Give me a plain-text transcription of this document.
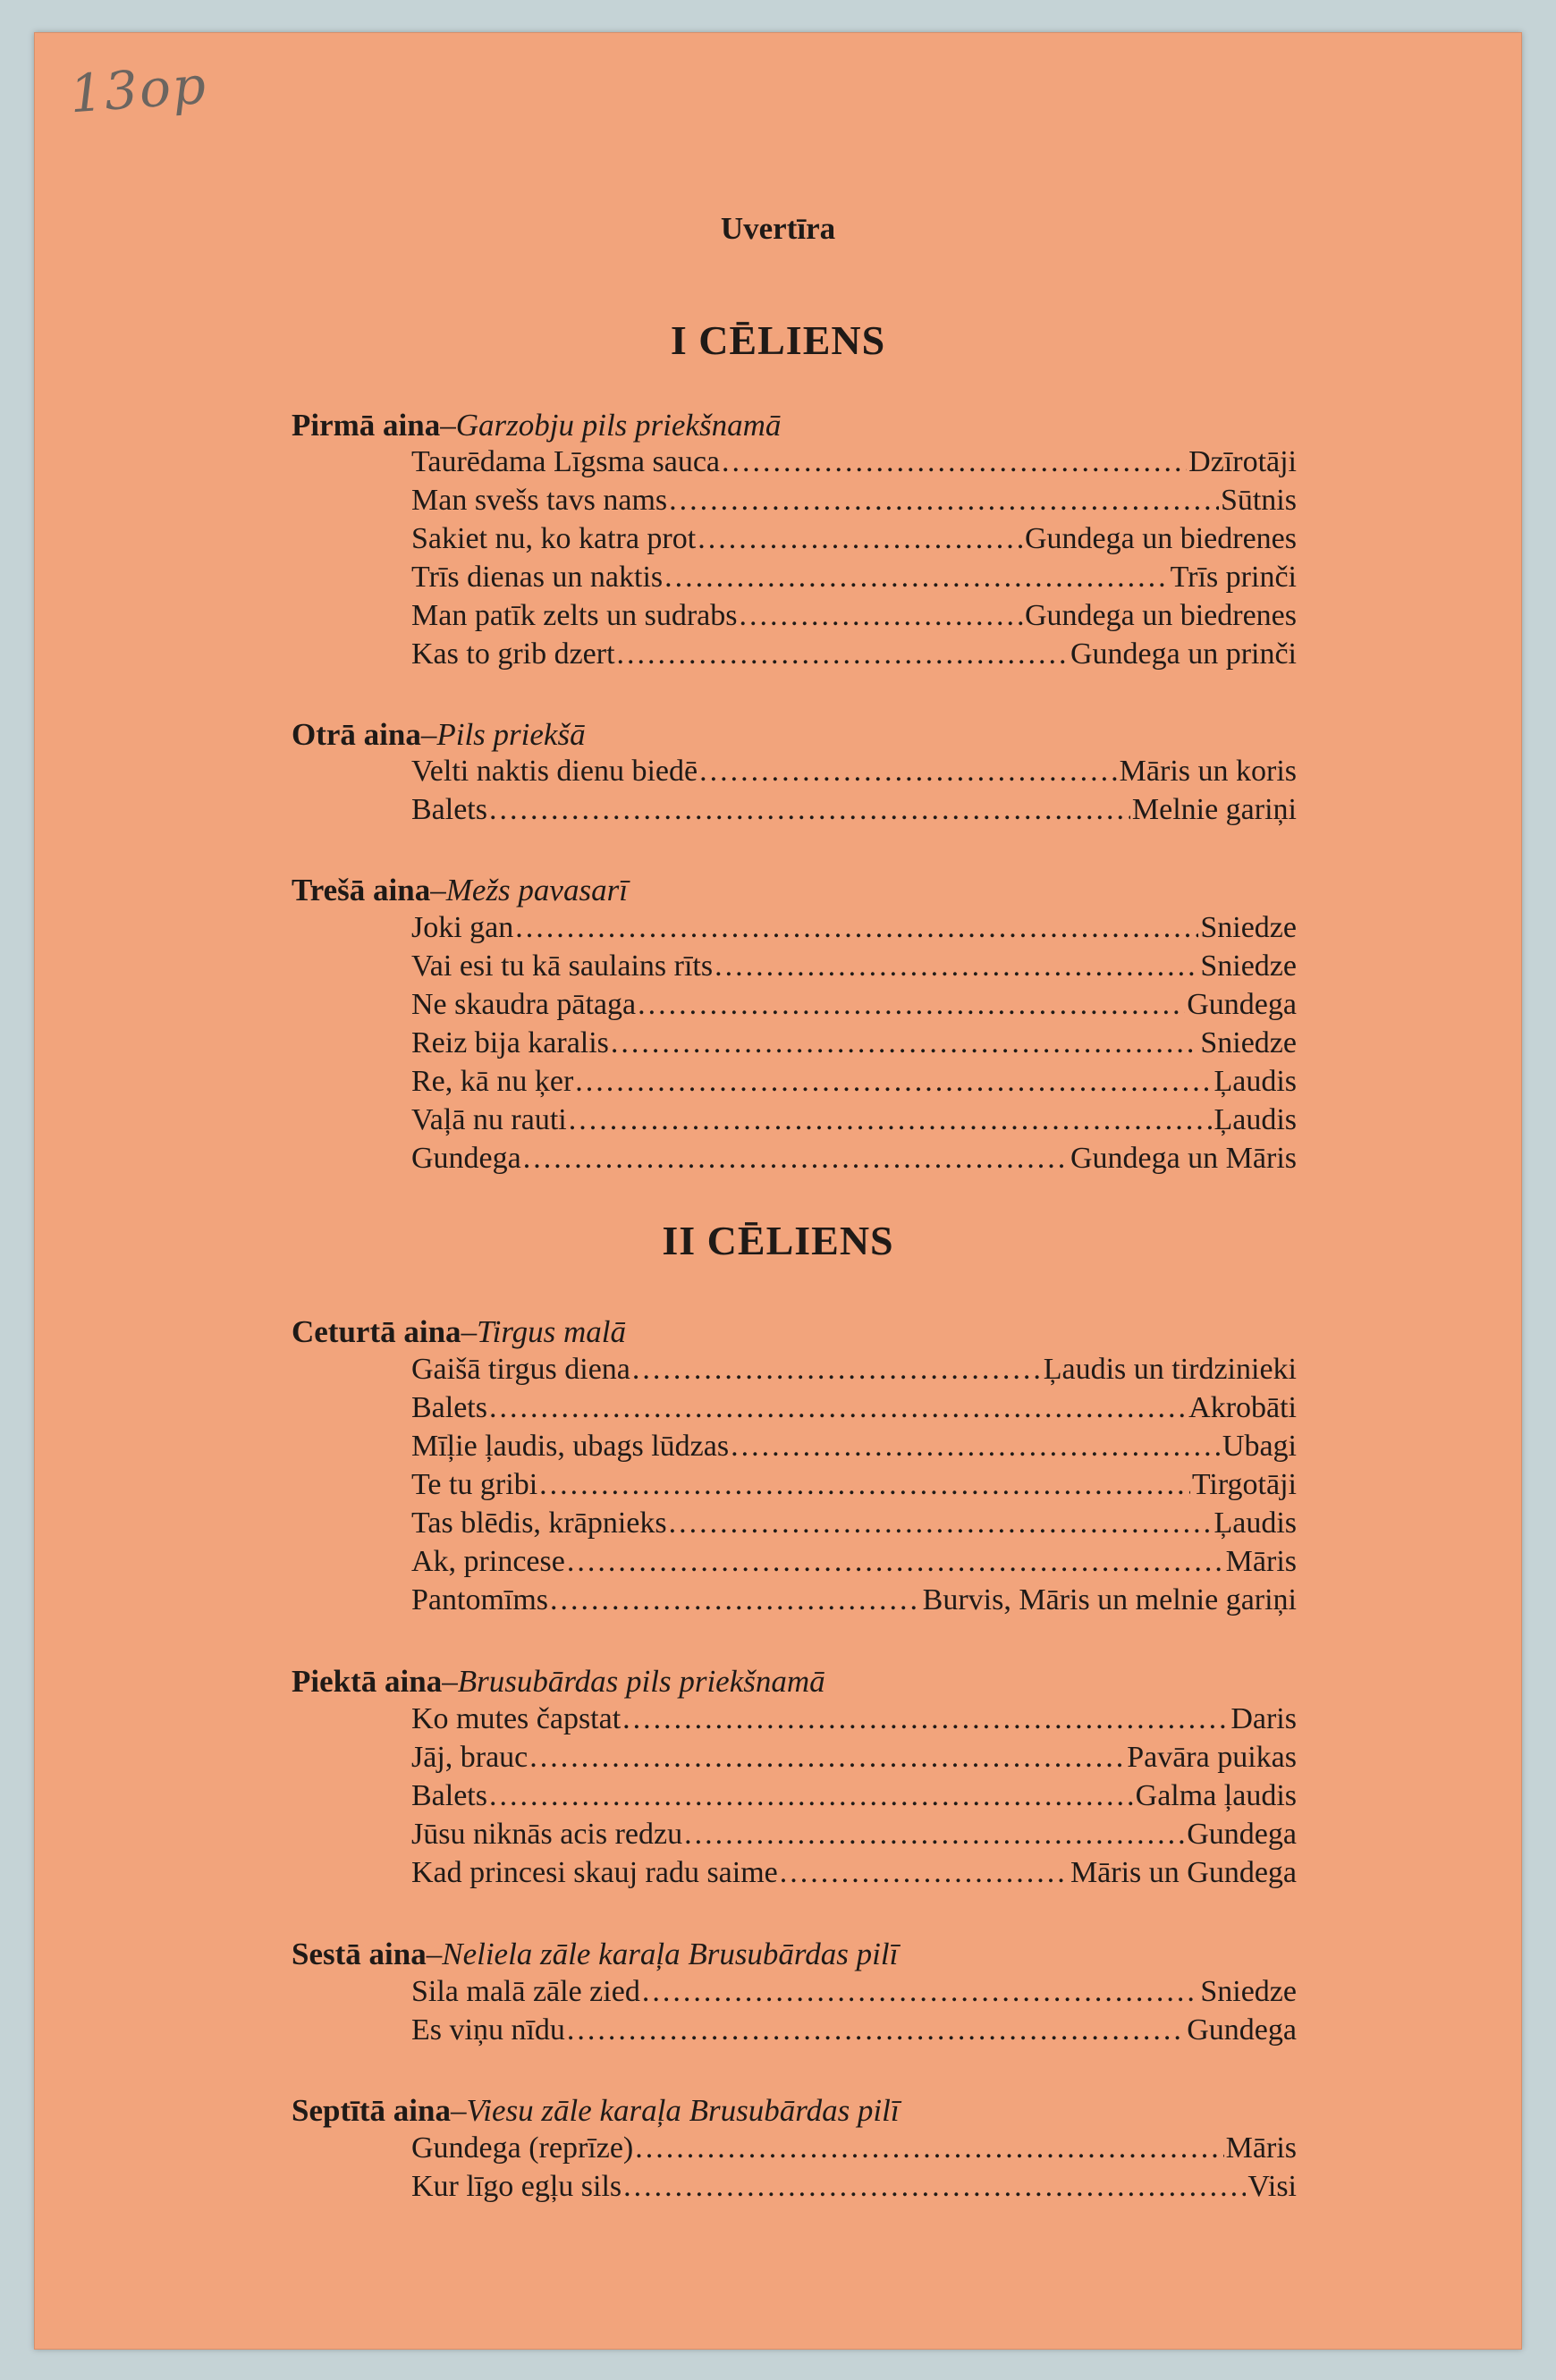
13op
Uvertīra
I CĒLIENS
Pirmā aina–Garzobju pils priekšnamā
Taurēdama Līgsma sauca .....	Dzīrotāji
Man svešs tavs nams .....	Sūtnis
Sakiet nu, ko katra prot .....	Gundega un biedrenes
Trīs dienas un naktis .....	Trīs prinči
Man patīk zelts un sudrabs .....	Gundega un biedrenes
Kas to grib dzert .....	Gundega un prinči
Otrā aina–Pils priekšā
Velti naktis dienu biedē .....	Māris un koris
Balets .....	Melnie gariņi
Trešā aina–Mežs pavasarī
Joki gan .....	Sniedze
Vai esi tu kā saulains rīts .....	Sniedze
Ne skaudra pātaga .....	Gundega
Reiz bija karalis .....	Sniedze
Re, kā nu ķer .....	Ļaudis
Vaļā nu rauti .....	Ļaudis
Gundega .....	Gundega un Māris
II CĒLIENS
Ceturtā aina–Tirgus malā
Gaišā tirgus diena .....	Ļaudis un tirdzinieki
Balets .....	Akrobāti
Mīļie ļaudis, ubags lūdzas .....	Ubagi
Te tu gribi .....	Tirgotāji
Tas blēdis, krāpnieks .....	Ļaudis
Ak, princese .....	Māris
Pantomīms .....	Burvis, Māris un melnie gariņi
Piektā aina–Brusubārdas pils priekšnamā
Ko mutes čapstat .....	Daris
Jāj, brauc .....	Pavāra puikas
Balets .....	Galma ļaudis
Jūsu niknās acis redzu .....	Gundega
Kad princesi skauj radu saime .....	Māris un Gundega
Sestā aina–Neliela zāle karaļa Brusubārdas pilī
Sila malā zāle zied .....	Sniedze
Es viņu nīdu .....	Gundega
Septītā aina–Viesu zāle karaļa Brusubārdas pilī
Gundega (reprīze) .....	Māris
Kur līgo egļu sils .....	Visi
